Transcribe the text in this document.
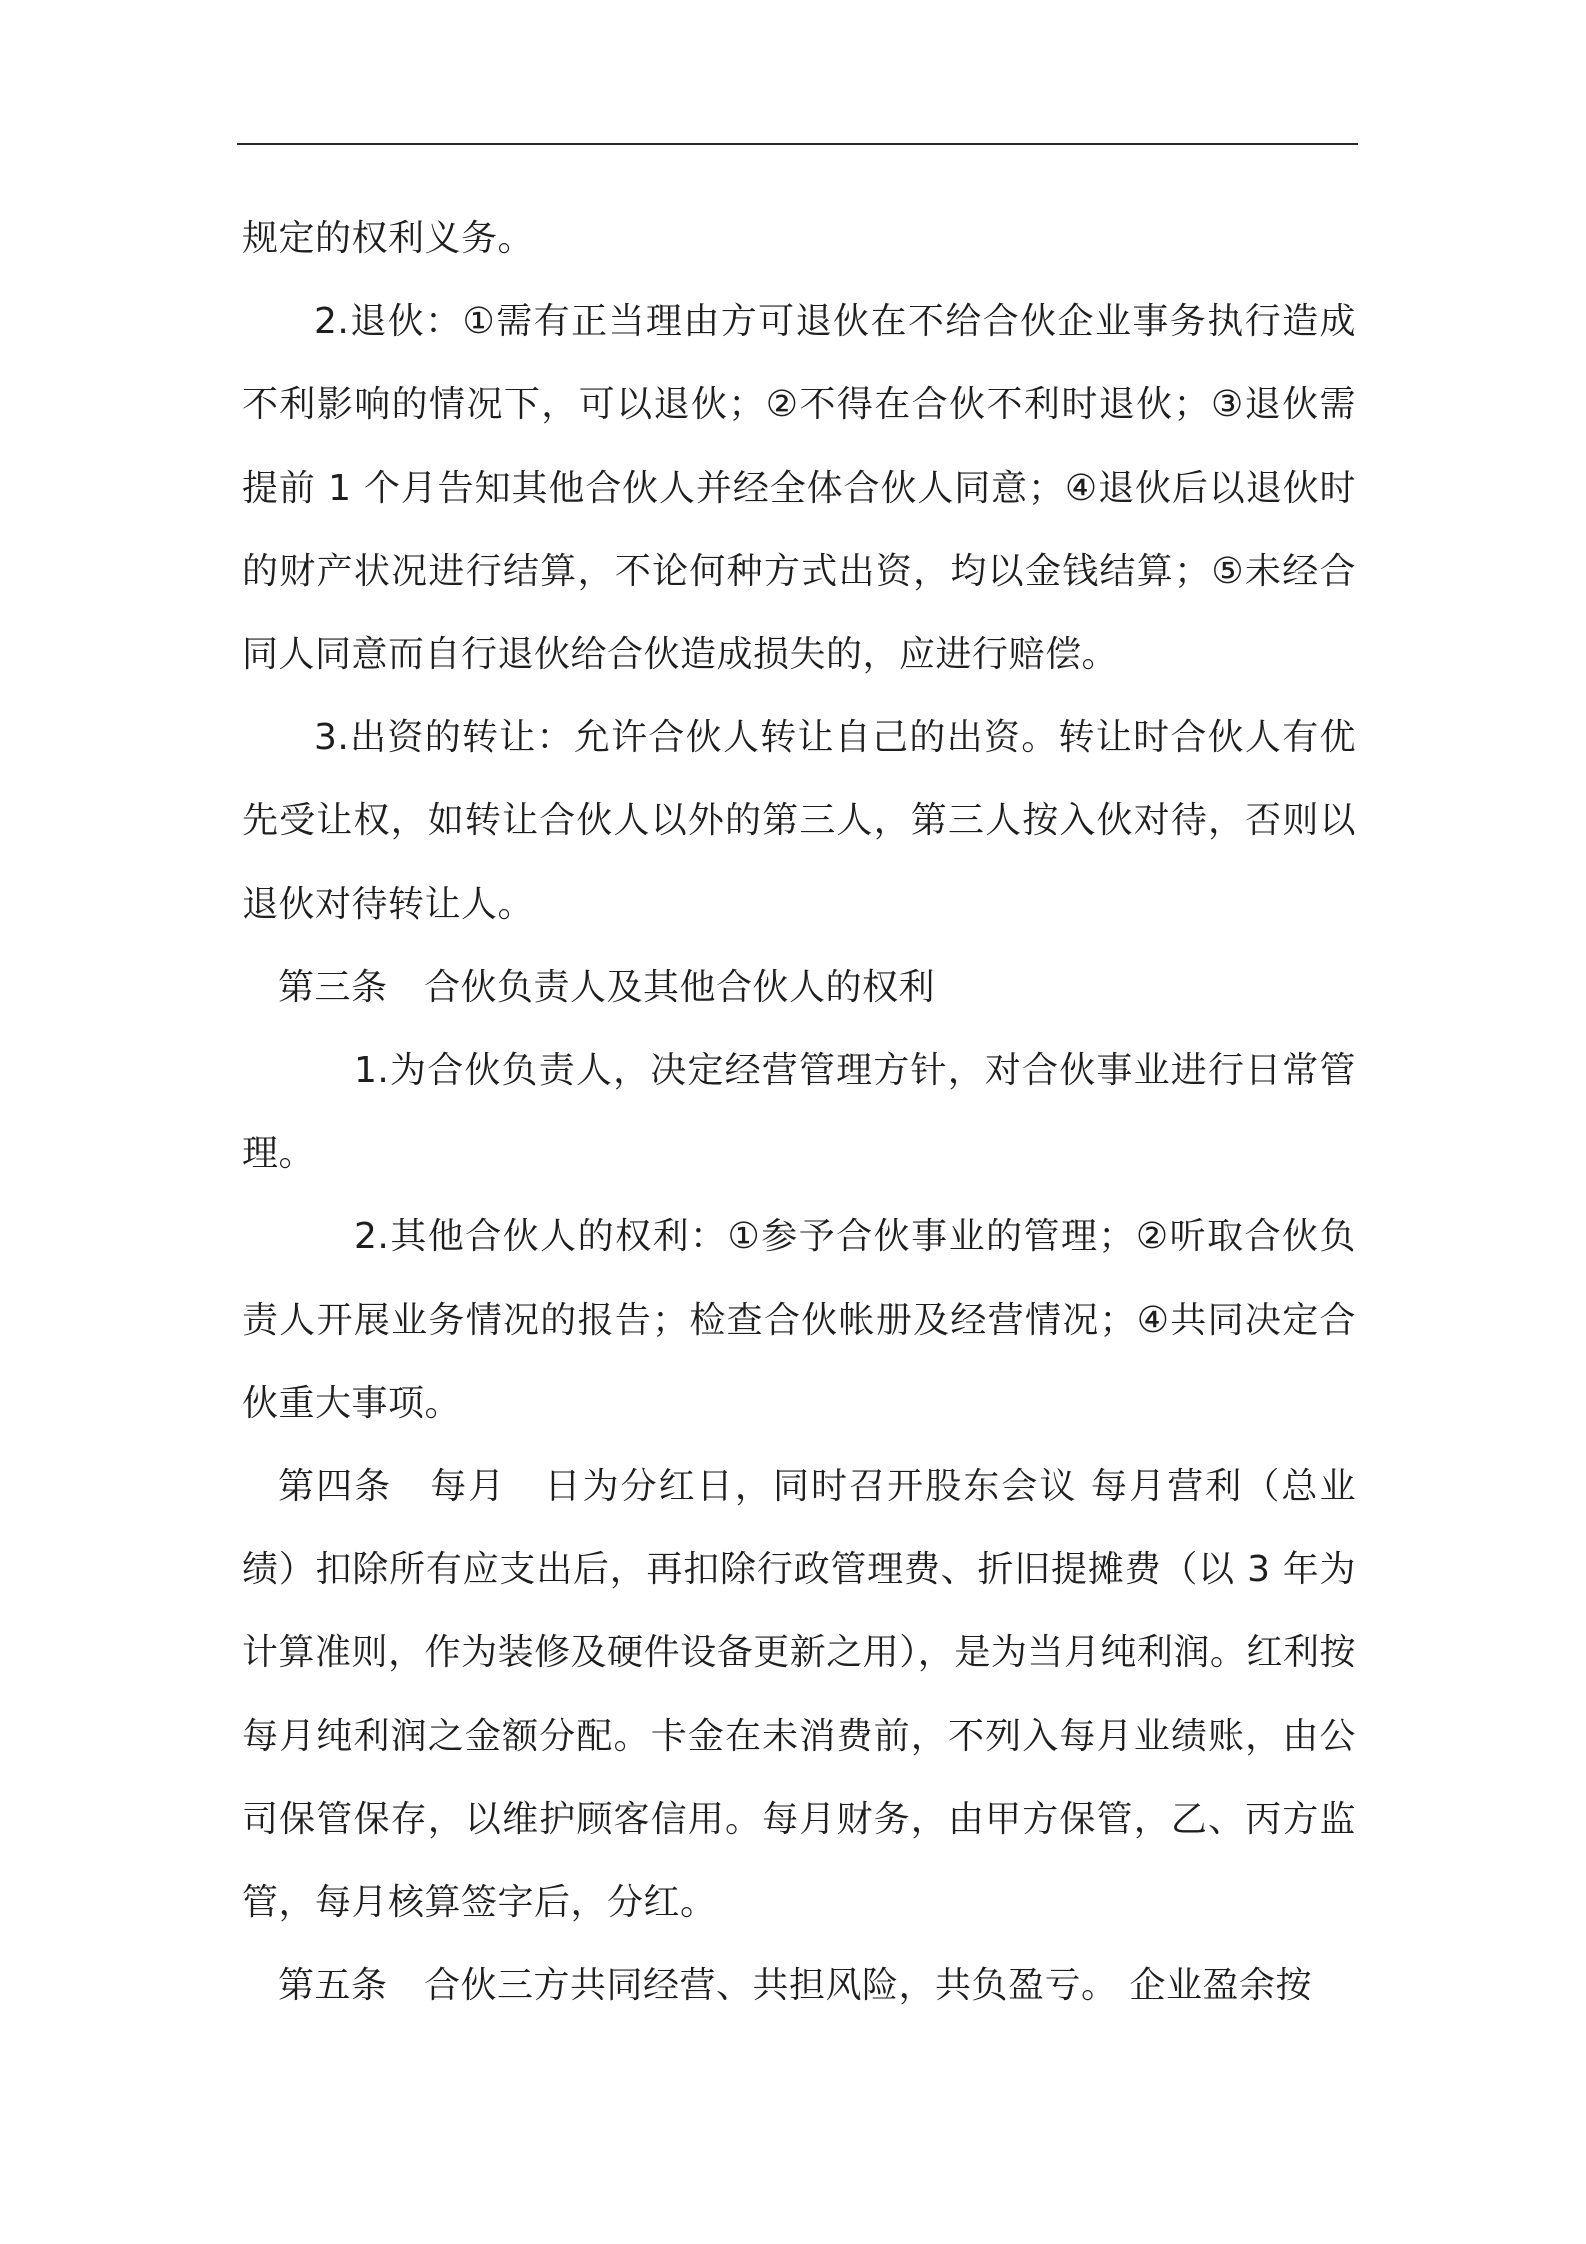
规定的权利义务。

2.退伙：①需有正当理由方可退伙在不给合伙企业事务执行造成不利影响的情况下，可以退伙；②不得在合伙不利时退伙；③退伙需提前 1 个月告知其他合伙人并经全体合伙人同意；④退伙后以退伙时的财产状况进行结算，不论何种方式出资，均以金钱结算；⑤未经合同人同意而自行退伙给合伙造成损失的，应进行赔偿。

3.出资的转让：允许合伙人转让自己的出资。转让时合伙人有优先受让权，如转让合伙人以外的第三人，第三人按入伙对待，否则以退伙对待转让人。

第三条　合伙负责人及其他合伙人的权利

1.为合伙负责人，决定经营管理方针，对合伙事业进行日常管理。

2.其他合伙人的权利：①参予合伙事业的管理；②听取合伙负责人开展业务情况的报告；检查合伙帐册及经营情况；④共同决定合伙重大事项。

第四条　每月　日为分红日，同时召开股东会议 每月营利（总业绩）扣除所有应支出后，再扣除行政管理费、折旧提摊费（以 3 年为计算准则，作为装修及硬件设备更新之用），是为当月纯利润。红利按每月纯利润之金额分配。卡金在未消费前，不列入每月业绩账，由公司保管保存，以维护顾客信用。每月财务，由甲方保管，乙、丙方监管，每月核算签字后，分红。

第五条　合伙三方共同经营、共担风险，共负盈亏。 企业盈余按
